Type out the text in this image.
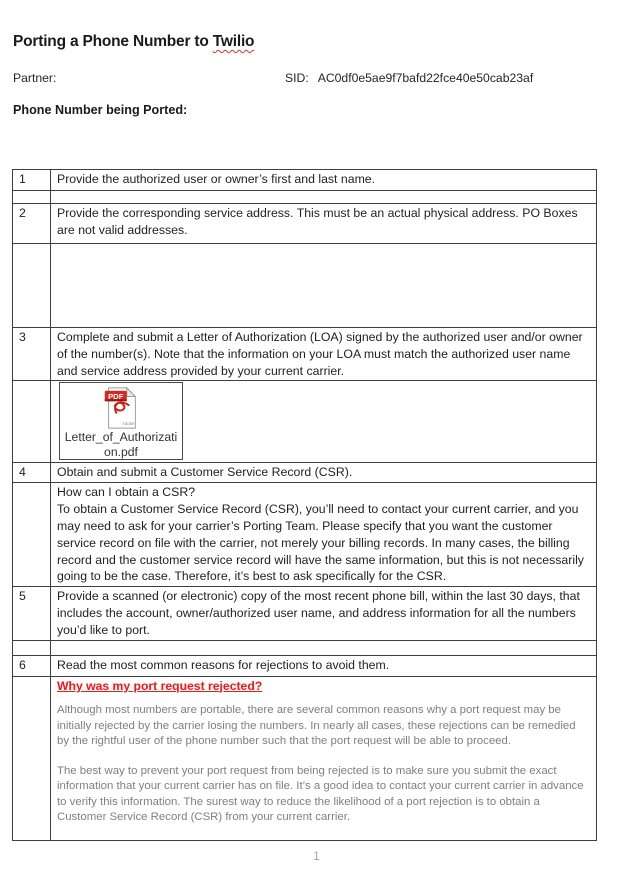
Porting a Phone Number to Twilio
Partner:	SID: AC0df0e5ae9f7bafd22fce40e50cab23af
Phone Number being Ported:
1	Provide the authorized user or owner’s first and last name.

2	Provide the corresponding service address. This must be an actual physical address. PO Boxes are not valid addresses.

3	Complete and submit a Letter of Authorization (LOA) signed by the authorized user and/or owner of the number(s). Note that the information on your LOA must match the authorized user name and service address provided by your current carrier.

PDF
Adobe
Letter_of_Authorization.pdf

4	Obtain and submit a Customer Service Record (CSR).

	How can I obtain a CSR?
To obtain a Customer Service Record (CSR), you’ll need to contact your current carrier, and you may need to ask for your carrier’s Porting Team. Please specify that you want the customer service record on file with the carrier, not merely your billing records. In many cases, the billing record and the customer service record will have the same information, but this is not necessarily going to be the case. Therefore, it’s best to ask specifically for the CSR.

5	Provide a scanned (or electronic) copy of the most recent phone bill, within the last 30 days, that includes the account, owner/authorized user name, and address information for all the numbers you’d like to port.

6	Read the most common reasons for rejections to avoid them.
	Why was my port request rejected?
Although most numbers are portable, there are several common reasons why a port request may be initially rejected by the carrier losing the numbers. In nearly all cases, these rejections can be remedied by the rightful user of the phone number such that the port request will be able to proceed.
The best way to prevent your port request from being rejected is to make sure you submit the exact information that your current carrier has on file. It’s a good idea to contact your current carrier in advance to verify this information. The surest way to reduce the likelihood of a port rejection is to obtain a Customer Service Record (CSR) from your current carrier.
1
